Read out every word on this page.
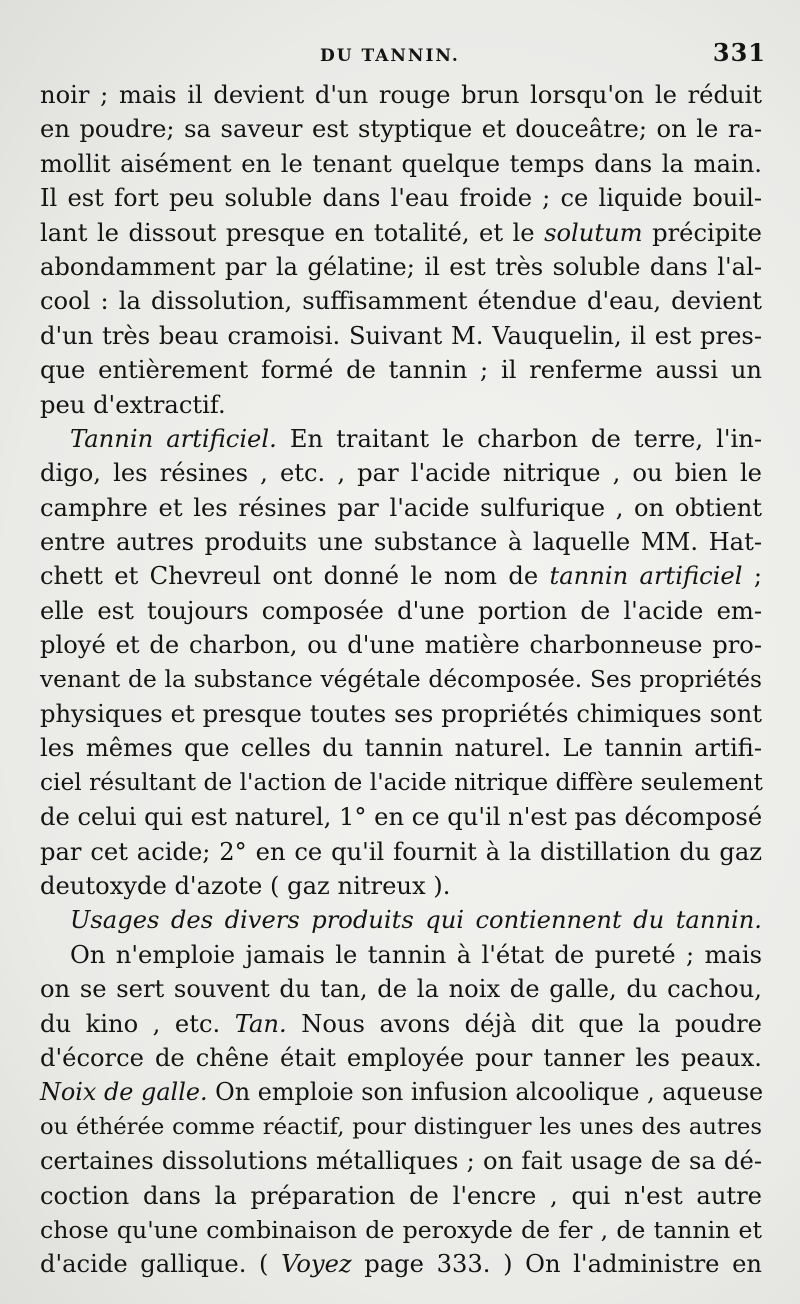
DU TANNIN.	331
noir ; mais il devient d'un rouge brun lorsqu'on le réduit
en poudre; sa saveur est styptique et douceâtre; on le ra-
mollit aisément en le tenant quelque temps dans la main.
Il est fort peu soluble dans l'eau froide ; ce liquide bouil-
lant le dissout presque en totalité, et le solutum précipite
abondamment par la gélatine; il est très soluble dans l'al-
cool : la dissolution, suffisamment étendue d'eau, devient
d'un très beau cramoisi. Suivant M. Vauquelin, il est pres-
que entièrement formé de tannin ; il renferme aussi un
peu d'extractif.
Tannin artificiel. En traitant le charbon de terre, l'in-
digo, les résines , etc. , par l'acide nitrique , ou bien le
camphre et les résines par l'acide sulfurique , on obtient
entre autres produits une substance à laquelle MM. Hat-
chett et Chevreul ont donné le nom de tannin artificiel ;
elle est toujours composée d'une portion de l'acide em-
ployé et de charbon, ou d'une matière charbonneuse pro-
venant de la substance végétale décomposée. Ses propriétés
physiques et presque toutes ses propriétés chimiques sont
les mêmes que celles du tannin naturel. Le tannin artifi-
ciel résultant de l'action de l'acide nitrique diffère seulement
de celui qui est naturel, 1° en ce qu'il n'est pas décomposé
par cet acide; 2° en ce qu'il fournit à la distillation du gaz
deutoxyde d'azote ( gaz nitreux ).
Usages des divers produits qui contiennent du tannin.
On n'emploie jamais le tannin à l'état de pureté ; mais
on se sert souvent du tan, de la noix de galle, du cachou,
du kino , etc. Tan. Nous avons déjà dit que la poudre
d'écorce de chêne était employée pour tanner les peaux.
Noix de galle. On emploie son infusion alcoolique , aqueuse
ou éthérée comme réactif, pour distinguer les unes des autres
certaines dissolutions métalliques ; on fait usage de sa dé-
coction dans la préparation de l'encre , qui n'est autre
chose qu'une combinaison de peroxyde de fer , de tannin et
d'acide gallique. ( Voyez page 333. ) On l'administre en
